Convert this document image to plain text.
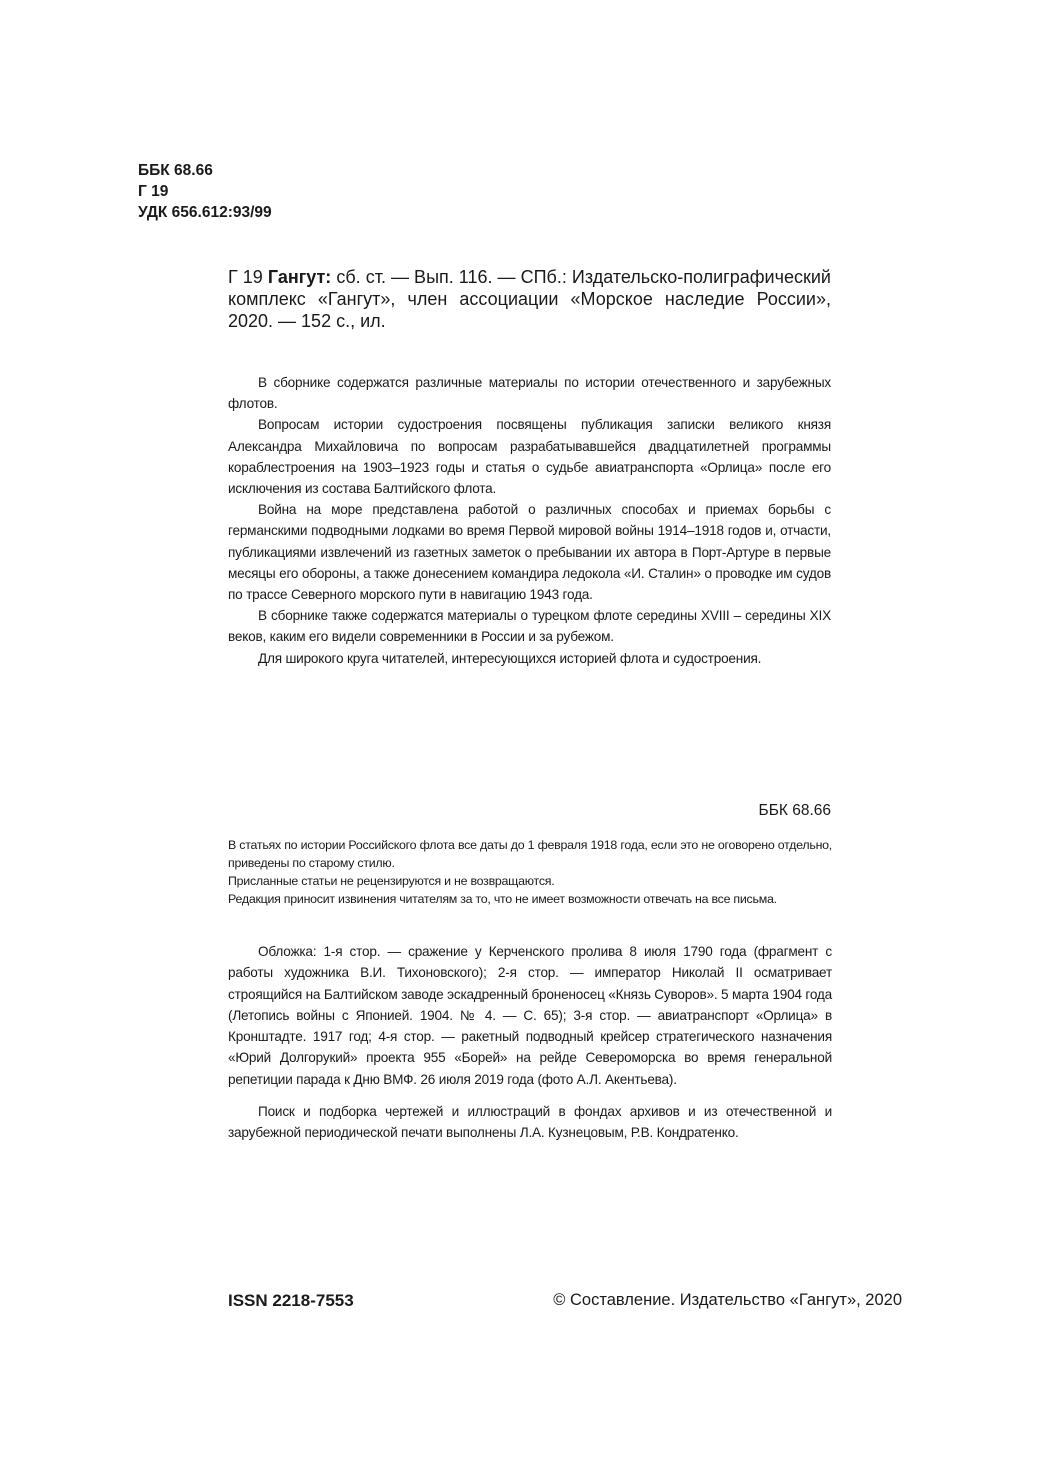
ББК 68.66
Г 19
УДК 656.612:93/99
Г 19 Гангут: сб. ст. — Вып. 116. — СПб.: Издательско-полиграфический комплекс «Гангут», член ассоциации «Морское наследие России», 2020. — 152 с., ил.

В сборнике содержатся различные материалы по истории отечественного и зарубежных флотов.

Вопросам истории судостроения посвящены публикация записки великого князя Александра Михайловича по вопросам разрабатывавшейся двадцатилетней программы кораблестроения на 1903–1923 годы и статья о судьбе авиатранспорта «Орлица» после его исключения из состава Балтийского флота.

Война на море представлена работой о различных способах и приемах борьбы с германскими подводными лодками во время Первой мировой войны 1914–1918 годов и, отчасти, публикациями извлечений из газетных заметок о пребывании их автора в Порт-Артуре в первые месяцы его обороны, а также донесением командира ледокола «И. Сталин» о проводке им судов по трассе Северного морского пути в навигацию 1943 года.

В сборнике также содержатся материалы о турецком флоте середины XVIII – середины XIX веков, каким его видели современники в России и за рубежом.

Для широкого круга читателей, интересующихся историей флота и судостроения.

ББК 68.66

В статьях по истории Российского флота все даты до 1 февраля 1918 года, если это не оговорено отдельно, приведены по старому стилю.

Присланные статьи не рецензируются и не возвращаются.

Редакция приносит извинения читателям за то, что не имеет возможности отвечать на все письма.

Обложка: 1-я стор. — сражение у Керченского пролива 8 июля 1790 года (фрагмент с работы художника В.И. Тихоновского); 2-я стор. — император Николай II осматривает строящийся на Балтийском заводе эскадренный броненосец «Князь Суворов». 5 марта 1904 года (Летопись войны с Японией. 1904. № 4. — С. 65); 3-я стор. — авиатранспорт «Орлица» в Кронштадте. 1917 год; 4-я стор. — ракетный подводный крейсер стратегического назначения «Юрий Долгорукий» проекта 955 «Борей» на рейде Североморска во время генеральной репетиции парада к Дню ВМФ. 26 июля 2019 года (фото А.Л. Акентьева).

Поиск и подборка чертежей и иллюстраций в фондах архивов и из отечественной и зарубежной периодической печати выполнены Л.А. Кузнецовым, Р.В. Кондратенко.

ISSN 2218-7553	© Составление. Издательство «Гангут», 2020
